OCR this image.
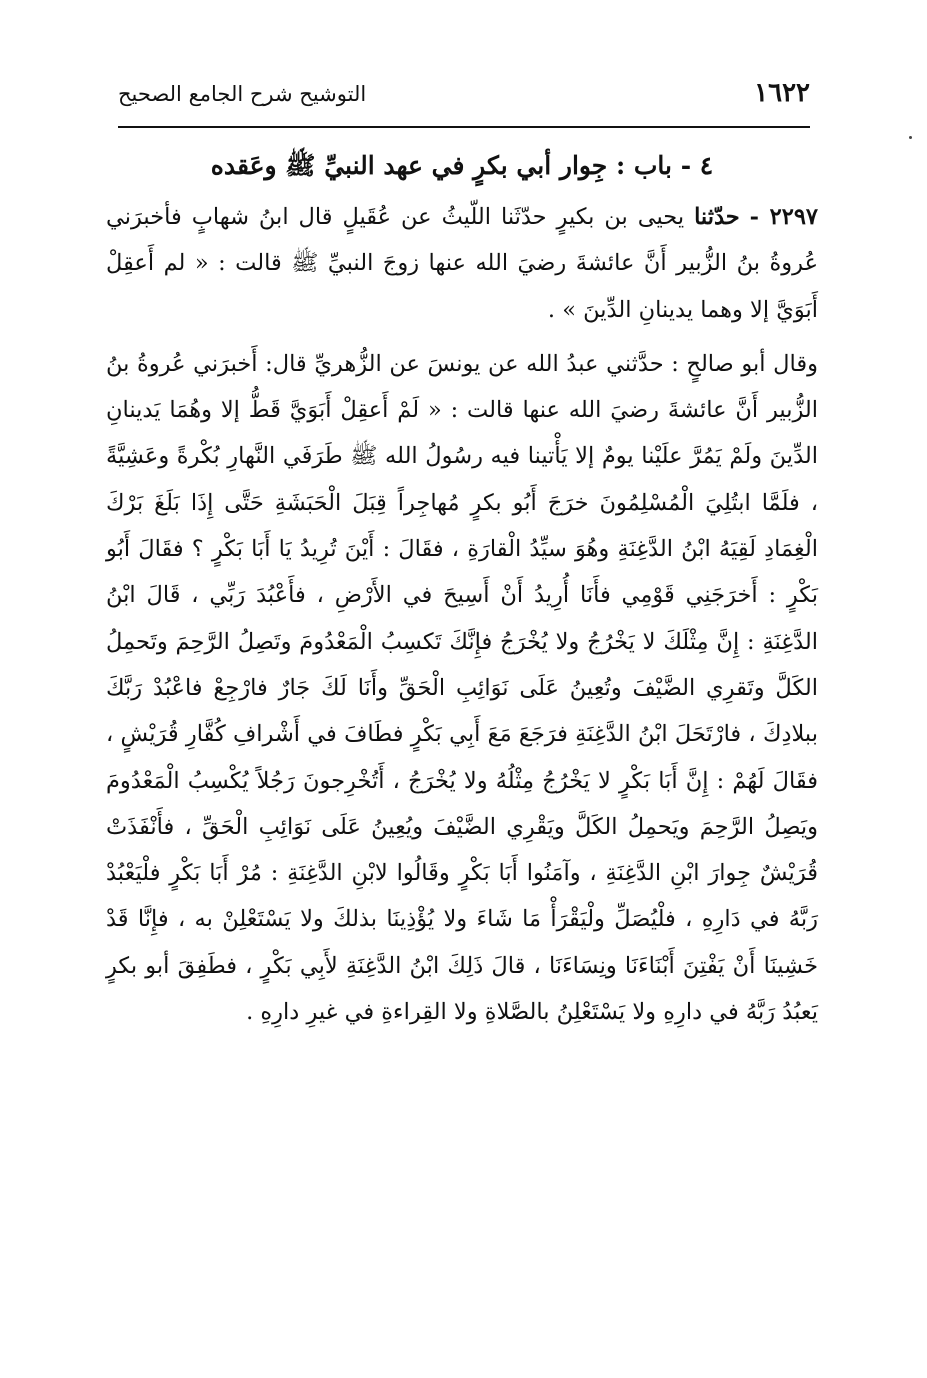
١٦٢٢
التوشيح شرح الجامع الصحيح
٤ - باب : جِوار أبي بكرٍ في عهد النبيِّ ﷺ وعَقده

٢٢٩٧ - حدّثنا يحيى بن بكيرٍ حدّثَنا اللّيثُ عن عُقَيلٍ قال ابنُ شهابٍ فأخبرَني عُروةُ بنُ الزُّبير أَنَّ عائشةَ رضيَ الله عنها زوجَ النبيِّ ﷺ قالت : « لم أَعقِلْ أَبَوَيَّ إلا وهما يدينانِ الدِّينَ » .

وقال أبو صالحٍ : حدَّثني عبدُ الله عن يونسَ عن الزُّهريِّ قال: أَخبرَني عُروةُ بنُ الزُّبير أَنَّ عائشةَ رضيَ الله عنها قالت : « لَمْ أَعقِلْ أَبَوَيَّ قَطُّ إلا وهُمَا يَدينانِ الدِّينَ ولَمْ يَمُرَّ علَيْنا يومٌ إلا يَأْتينا فيه رسُولُ الله ﷺ طَرَفَي النَّهارِ بُكْرةً وعَشِيَّةً ، فلَمَّا ابتُلِيَ الْمُسْلِمُونَ خرَجَ أَبُو بكرٍ مُهاجِراً قِبَلَ الْحَبَشَةِ حَتَّى إِذَا بَلَغَ بَرْكَ الْغِمَادِ لَقِيَهُ ابْنُ الدَّغِنَةِ وهُوَ سيِّدُ الْقارَةِ ، فقَالَ : أَيْنَ تُرِيدُ يَا أَبَا بَكْرٍ ؟ فقَالَ أَبُو بَكْرٍ : أَخرَجَنِي قَوْمِي فأَنَا أُرِيدُ أَنْ أَسِيحَ في الأَرْضِ ، فأَعْبُدَ رَبِّي ، قَالَ ابْنُ الدَّغِنَةِ : إِنَّ مِثْلَكَ لا يَخْرُجُ ولا يُخْرَجُ فإِنَّكَ تَكسِبُ الْمَعْدُومَ وتَصِلُ الرَّحِمَ وتَحمِلُ الكَلَّ وتَقرِي الضَّيْفَ وتُعِينُ عَلَى نَوَائِبِ الْحَقِّ وأَنَا لَكَ جَارٌ فارْجِعْ فاعْبُدْ رَبَّكَ ببلادِكَ ، فارْتَحَلَ ابْنُ الدَّغِنَةِ فرَجَعَ مَعَ أَبِي بَكْرٍ فطَافَ في أَشْرافِ كُفَّارِ قُرَيْشٍ ، فقَالَ لَهُمْ : إِنَّ أَبَا بَكْرٍ لا يَخْرُجُ مِثْلُهُ ولا يُخْرَجُ ، أَتُخْرِجونَ رَجُلاً يُكْسِبُ الْمَعْدُومَ ويَصِلُ الرَّحِمَ ويَحمِلُ الكَلَّ ويَقْرِي الضَّيْفَ ويُعِينُ عَلَى نَوَائِبِ الْحَقِّ ، فأَنْفَذَتْ قُرَيْشٌ جِوارَ ابْنِ الدَّغِنَةِ ، وآمَنُوا أَبَا بَكْرٍ وقَالُوا لابْنِ الدَّغِنَةِ : مُرْ أَبَا بَكْرٍ فلْيَعْبُدْ رَبَّهُ في دَارِهِ ، فلْيُصَلِّ ولْيَقْرَأْ مَا شَاءَ ولا يُؤْذِينَا بذلكَ ولا يَسْتَعْلِنْ به ، فإِنَّا قَدْ خَشِينَا أَنْ يَفْتِنَ أَبْنَاءَنَا ونِسَاءَنَا ، قالَ ذَلِكَ ابْنُ الدَّغِنَةِ لأَبِي بَكْرٍ ، فطَفِقَ أبو بكرٍ يَعبُدُ رَبَّهُ في دارِهِ ولا يَسْتَعْلِنُ بالصَّلاةِ ولا القِراءةِ في غيرِ دارِهِ .
